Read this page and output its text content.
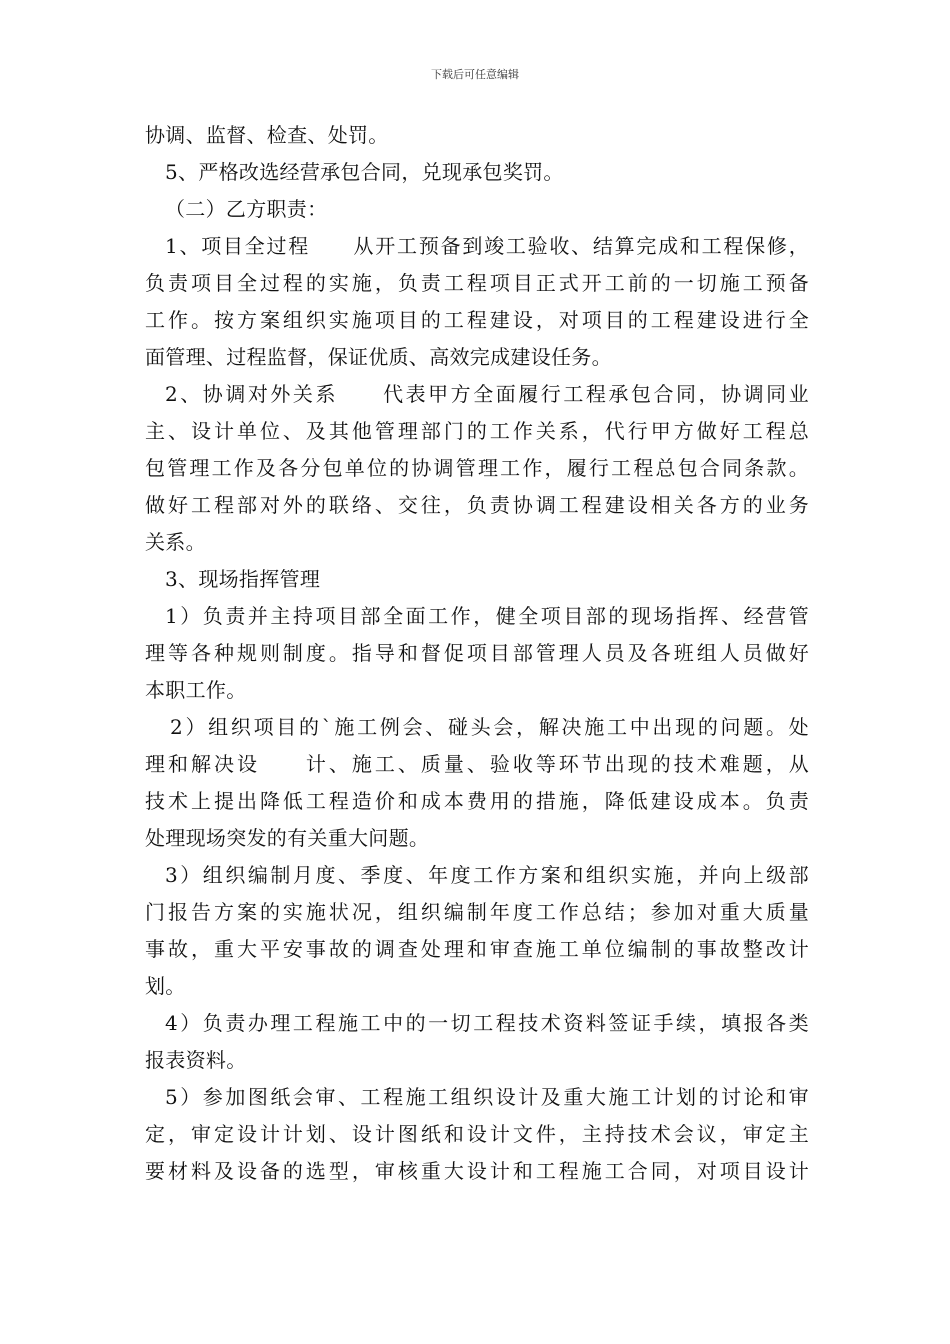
下载后可任意编辑
协调、监督、检查、处罚。
5、严格改选经营承包合同，兑现承包奖罚。
（二）乙方职责：
1、项目全过程　　从开工预备到竣工验收、结算完成和工程保修，
负责项目全过程的实施，负责工程项目正式开工前的一切施工预备
工作。按方案组织实施项目的工程建设，对项目的工程建设进行全
面管理、过程监督，保证优质、高效完成建设任务。
2、协调对外关系　　代表甲方全面履行工程承包合同，协调同业
主、设计单位、及其他管理部门的工作关系，代行甲方做好工程总
包管理工作及各分包单位的协调管理工作，履行工程总包合同条款。
做好工程部对外的联络、交往，负责协调工程建设相关各方的业务
关系。
3、现场指挥管理
1）负责并主持项目部全面工作，健全项目部的现场指挥、经营管
理等各种规则制度。指导和督促项目部管理人员及各班组人员做好
本职工作。
2）组织项目的`施工例会、碰头会，解决施工中出现的问题。处
理和解决设　　计、施工、质量、验收等环节出现的技术难题，从
技术上提出降低工程造价和成本费用的措施，降低建设成本。负责
处理现场突发的有关重大问题。
3）组织编制月度、季度、年度工作方案和组织实施，并向上级部
门报告方案的实施状况，组织编制年度工作总结；参加对重大质量
事故，重大平安事故的调查处理和审查施工单位编制的事故整改计
划。
4）负责办理工程施工中的一切工程技术资料签证手续，填报各类
报表资料。
5）参加图纸会审、工程施工组织设计及重大施工计划的讨论和审
定，审定设计计划、设计图纸和设计文件，主持技术会议，审定主
要材料及设备的选型，审核重大设计和工程施工合同，对项目设计
